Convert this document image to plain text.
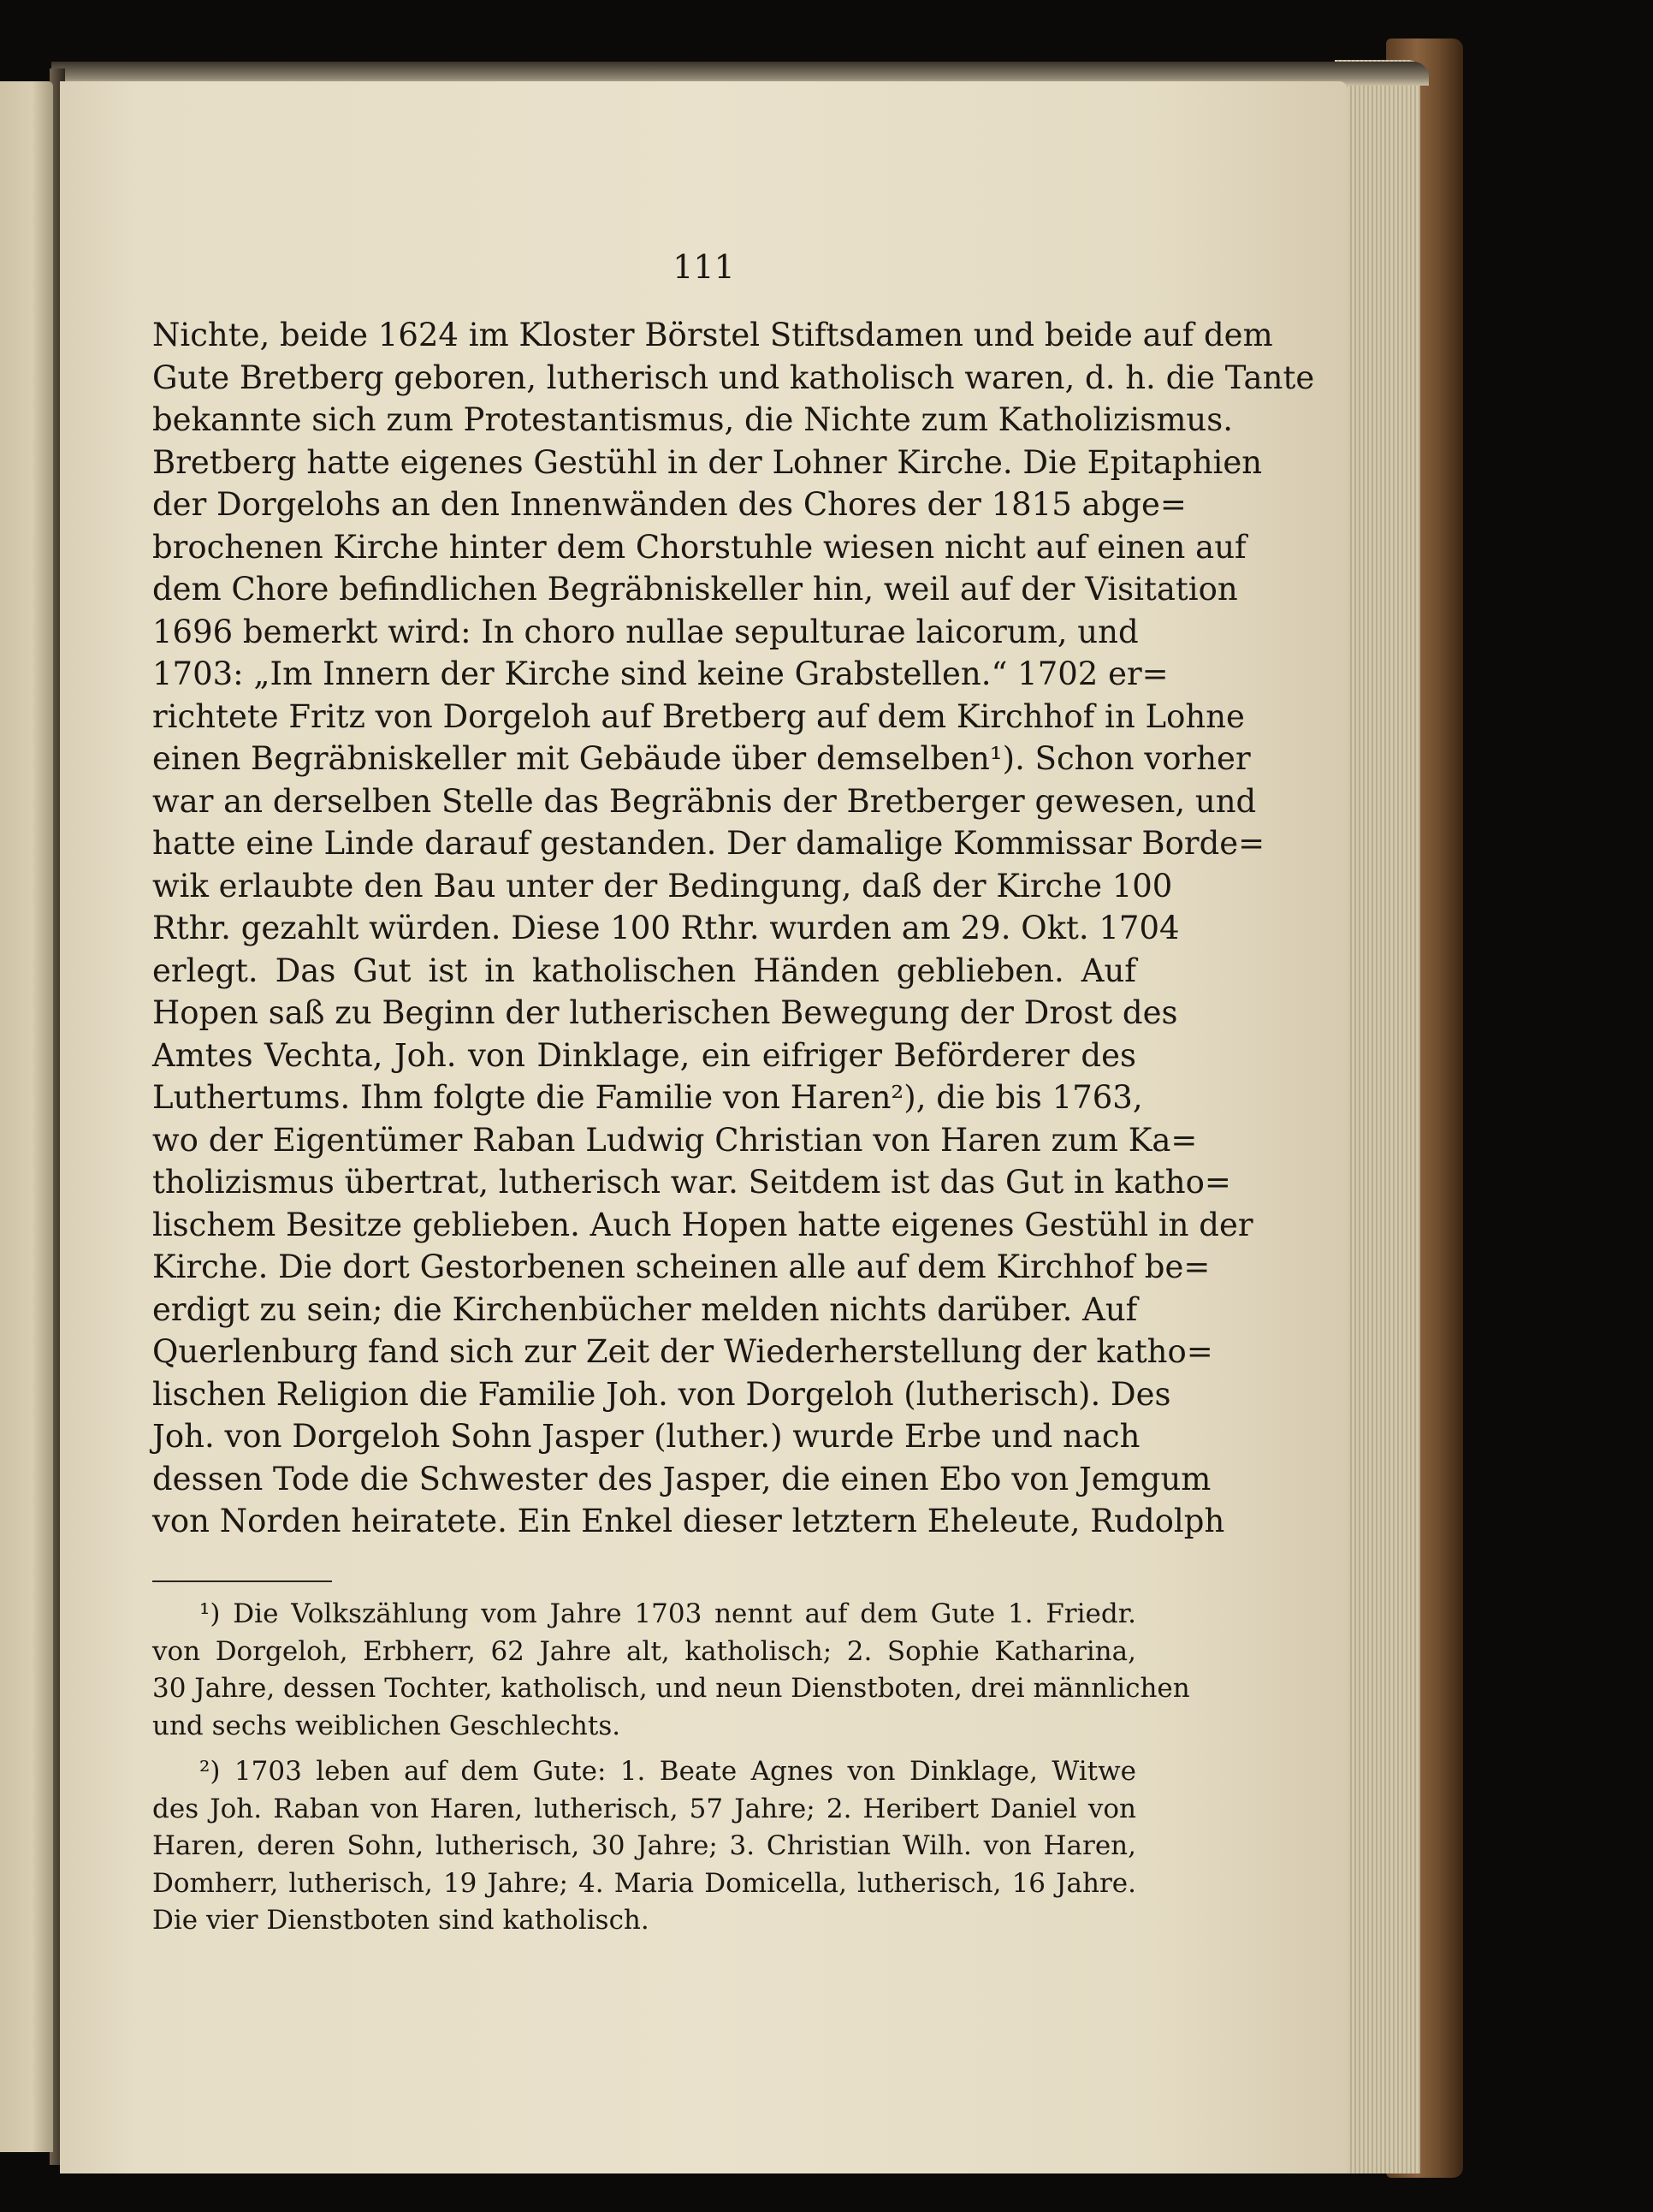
111
Nichte, beide 1624 im Kloster Börstel Stiftsdamen und beide auf dem
Gute Bretberg geboren, lutherisch und katholisch waren, d. h. die Tante
bekannte sich zum Protestantismus, die Nichte zum Katholizismus.
Bretberg hatte eigenes Gestühl in der Lohner Kirche. Die Epitaphien
der Dorgelohs an den Innenwänden des Chores der 1815 abge=
brochenen Kirche hinter dem Chorstuhle wiesen nicht auf einen auf
dem Chore befindlichen Begräbniskeller hin, weil auf der Visitation
1696 bemerkt wird: In choro nullae sepulturae laicorum, und
1703: „Im Innern der Kirche sind keine Grabstellen.“ 1702 er=
richtete Fritz von Dorgeloh auf Bretberg auf dem Kirchhof in Lohne
einen Begräbniskeller mit Gebäude über demselben¹). Schon vorher
war an derselben Stelle das Begräbnis der Bretberger gewesen, und
hatte eine Linde darauf gestanden. Der damalige Kommissar Borde=
wik erlaubte den Bau unter der Bedingung, daß der Kirche 100
Rthr. gezahlt würden. Diese 100 Rthr. wurden am 29. Okt. 1704
erlegt. Das Gut ist in katholischen Händen geblieben. Auf
Hopen saß zu Beginn der lutherischen Bewegung der Drost des
Amtes Vechta, Joh. von Dinklage, ein eifriger Beförderer des
Luthertums. Ihm folgte die Familie von Haren²), die bis 1763,
wo der Eigentümer Raban Ludwig Christian von Haren zum Ka=
tholizismus übertrat, lutherisch war. Seitdem ist das Gut in katho=
lischem Besitze geblieben. Auch Hopen hatte eigenes Gestühl in der
Kirche. Die dort Gestorbenen scheinen alle auf dem Kirchhof be=
erdigt zu sein; die Kirchenbücher melden nichts darüber. Auf
Querlenburg fand sich zur Zeit der Wiederherstellung der katho=
lischen Religion die Familie Joh. von Dorgeloh (lutherisch). Des
Joh. von Dorgeloh Sohn Jasper (luther.) wurde Erbe und nach
dessen Tode die Schwester des Jasper, die einen Ebo von Jemgum
von Norden heiratete. Ein Enkel dieser letztern Eheleute, Rudolph
¹) Die Volkszählung vom Jahre 1703 nennt auf dem Gute 1. Friedr.
von Dorgeloh, Erbherr, 62 Jahre alt, katholisch; 2. Sophie Katharina,
30 Jahre, dessen Tochter, katholisch, und neun Dienstboten, drei männlichen
und sechs weiblichen Geschlechts.
²) 1703 leben auf dem Gute: 1. Beate Agnes von Dinklage, Witwe
des Joh. Raban von Haren, lutherisch, 57 Jahre; 2. Heribert Daniel von
Haren, deren Sohn, lutherisch, 30 Jahre; 3. Christian Wilh. von Haren,
Domherr, lutherisch, 19 Jahre; 4. Maria Domicella, lutherisch, 16 Jahre.
Die vier Dienstboten sind katholisch.
